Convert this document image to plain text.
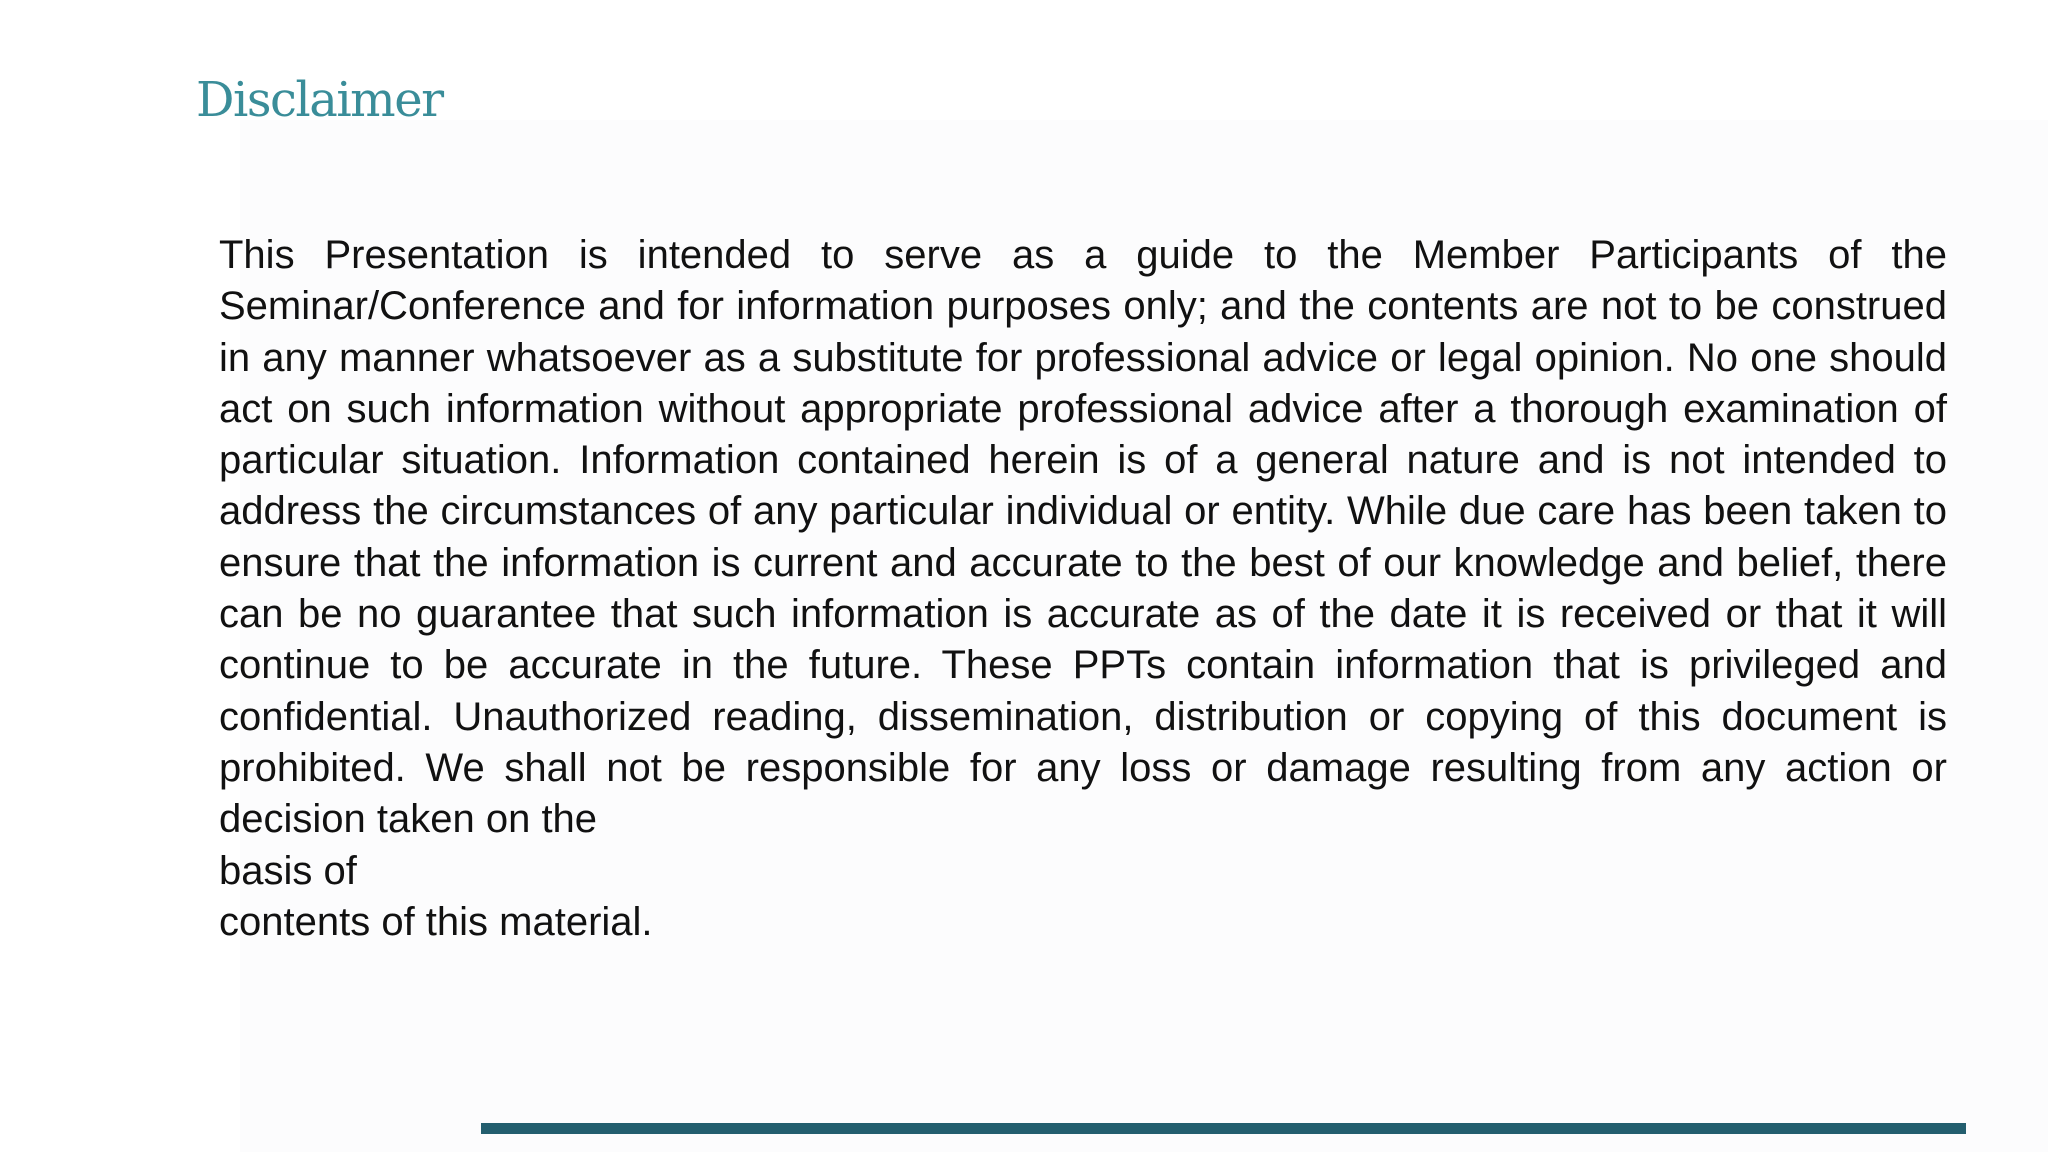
Disclaimer

This Presentation is intended to serve as a guide to the Member Participants of the Seminar/Conference and for information purposes only; and the contents are not to be construed in any manner whatsoever as a substitute for professional advice or legal opinion. No one should act on such information without appropriate professional advice after a thorough examination of particular situation. Information contained herein is of a general nature and is not intended to address the circumstances of any particular individual or entity. While due care has been taken to ensure that the information is current and accurate to the best of our knowledge and belief, there can be no guarantee that such information is accurate as of the date it is received or that it will continue to be accurate in the future. These PPTs contain information that is privileged and confidential. Unauthorized reading, dissemination, distribution or copying of this document is prohibited. We shall not be responsible for any loss or damage resulting from any action or decision taken on the
basis of
contents of this material.
